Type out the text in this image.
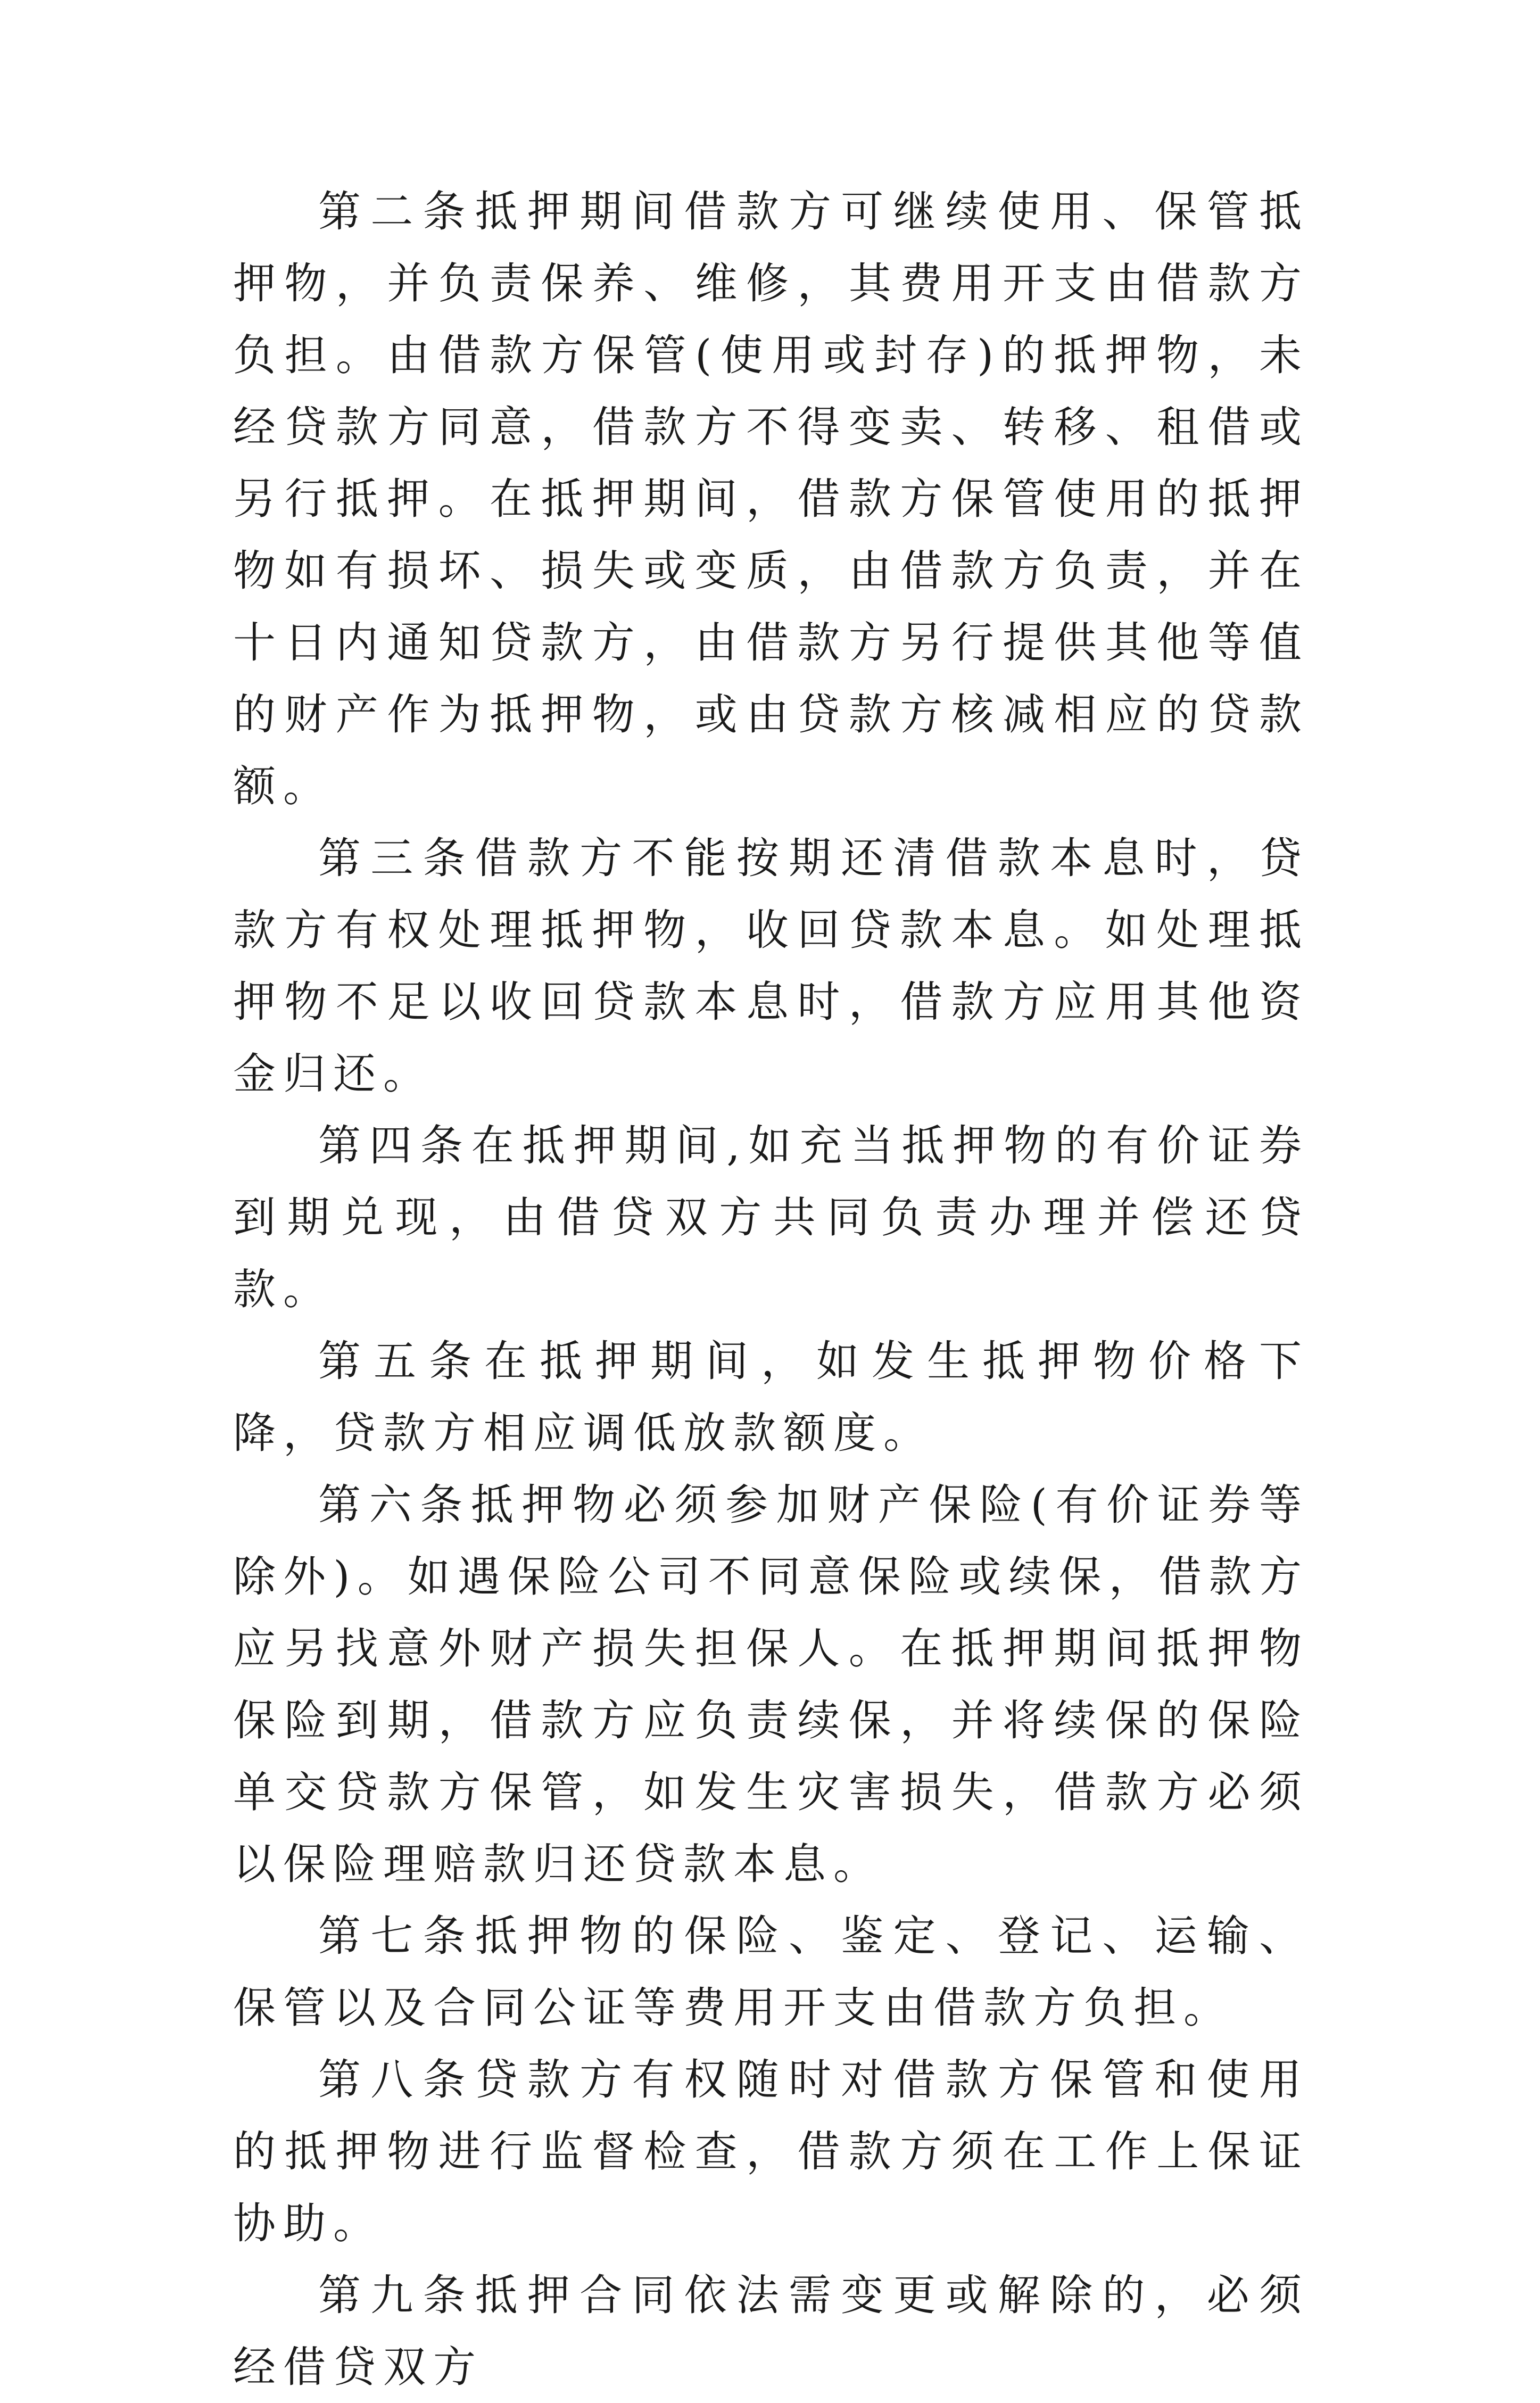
第二条抵押期间借款方可继续使用、保管抵押物，并负责保养、维修，其费用开支由借款方负担。由借款方保管(使用或封存)的抵押物，未经贷款方同意，借款方不得变卖、转移、租借或另行抵押。在抵押期间，借款方保管使用的抵押物如有损坏、损失或变质，由借款方负责，并在十日内通知贷款方，由借款方另行提供其他等值的财产作为抵押物，或由贷款方核减相应的贷款额。

第三条借款方不能按期还清借款本息时，贷款方有权处理抵押物，收回贷款本息。如处理抵押物不足以收回贷款本息时，借款方应用其他资金归还。

第四条在抵押期间,如充当抵押物的有价证券到期兑现，由借贷双方共同负责办理并偿还贷款。

第五条在抵押期间，如发生抵押物价格下降，贷款方相应调低放款额度。

第六条抵押物必须参加财产保险(有价证券等除外)。如遇保险公司不同意保险或续保，借款方应另找意外财产损失担保人。在抵押期间抵押物保险到期，借款方应负责续保，并将续保的保险单交贷款方保管，如发生灾害损失，借款方必须以保险理赔款归还贷款本息。

第七条抵押物的保险、鉴定、登记、运输、保管以及合同公证等费用开支由借款方负担。

第八条贷款方有权随时对借款方保管和使用的抵押物进行监督检查，借款方须在工作上保证协助。

第九条抵押合同依法需变更或解除的，必须经借贷双方
